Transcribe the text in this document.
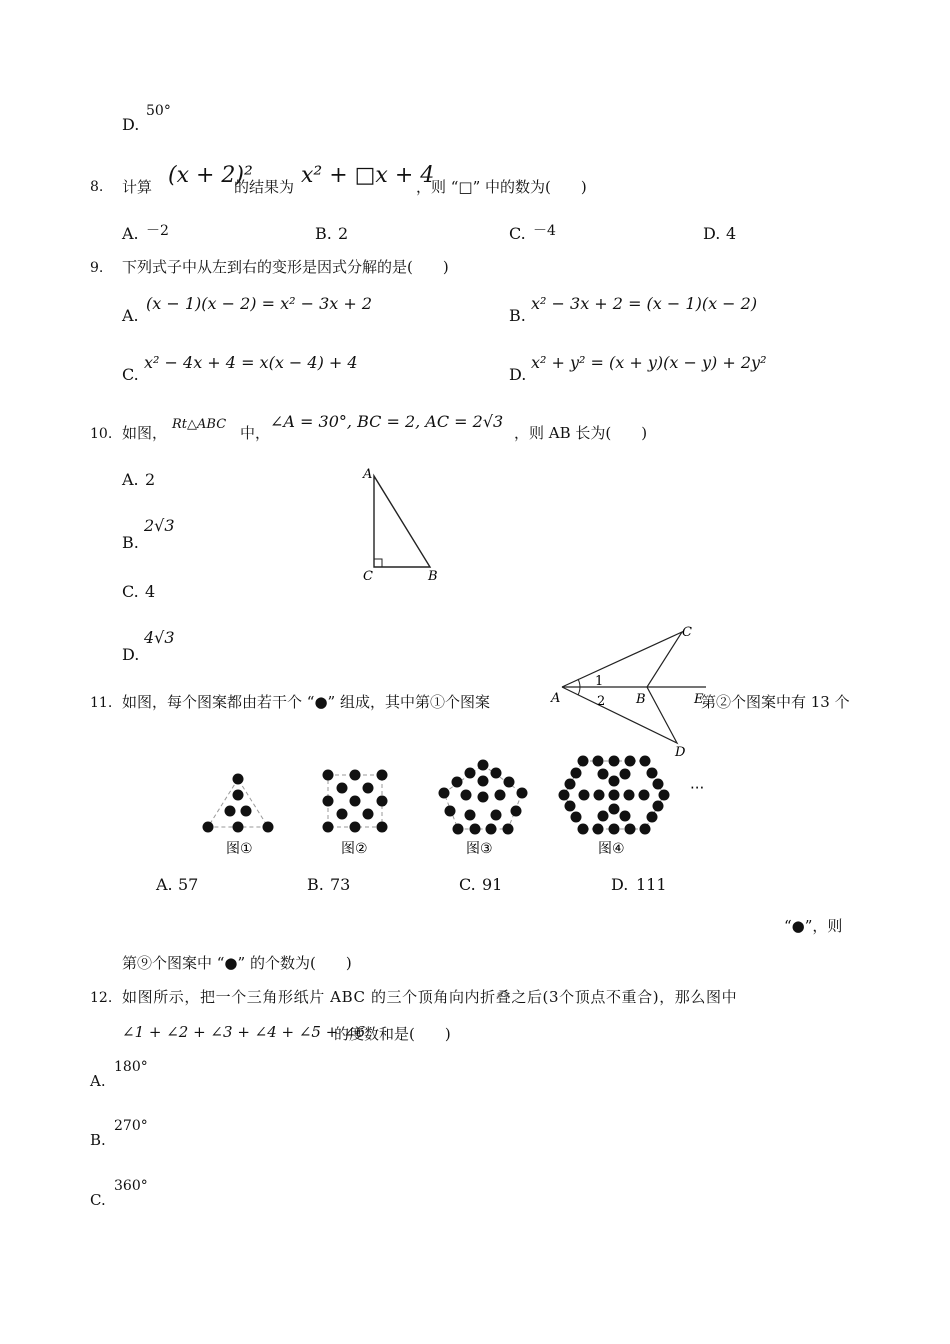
D.
50°
8. 计算 (x + 2)²
的结果为 x² + □x + 4
，则 “□” 中的数为(　　)
A. －2	B. 2	C. －4	D. 4
9. 下列式子中从左到右的变形是因式分解的是(　　)
A.
(x − 1)(x − 2) = x² − 3x + 2
B.
x² − 3x + 2 = (x − 1)(x − 2)
C.
x² − 4x + 4 = x(x − 4) + 4
D.
x² + y² = (x + y)(x − y) + 2y²
10. 如图， Rt△ABC 中，
∠A = 30°, BC = 2, AC = 2√3
，则 AB 长为(　　)
A. 2
B.
2√3
C. 4
D.
4√3
A
C	B
A	B
C
D
E
1
2
11. 如图，每个图案都由若干个 “●” 组成，其中第①个图案	第②个图案中有 13 个
···
图①	图②	图③	图④
A. 57	B. 73	C. 91	D. 111
“●”，则
第⑨个图案中 “●” 的个数为(　　)
12. 如图所示，把一个三角形纸片 ABC 的三个顶角向内折叠之后(3个顶点不重合)，那么图中
∠1 + ∠2 + ∠3 + ∠4 + ∠5 + ∠6
的度数和是(　　)
A.
180°
B.
270°
C.
360°
